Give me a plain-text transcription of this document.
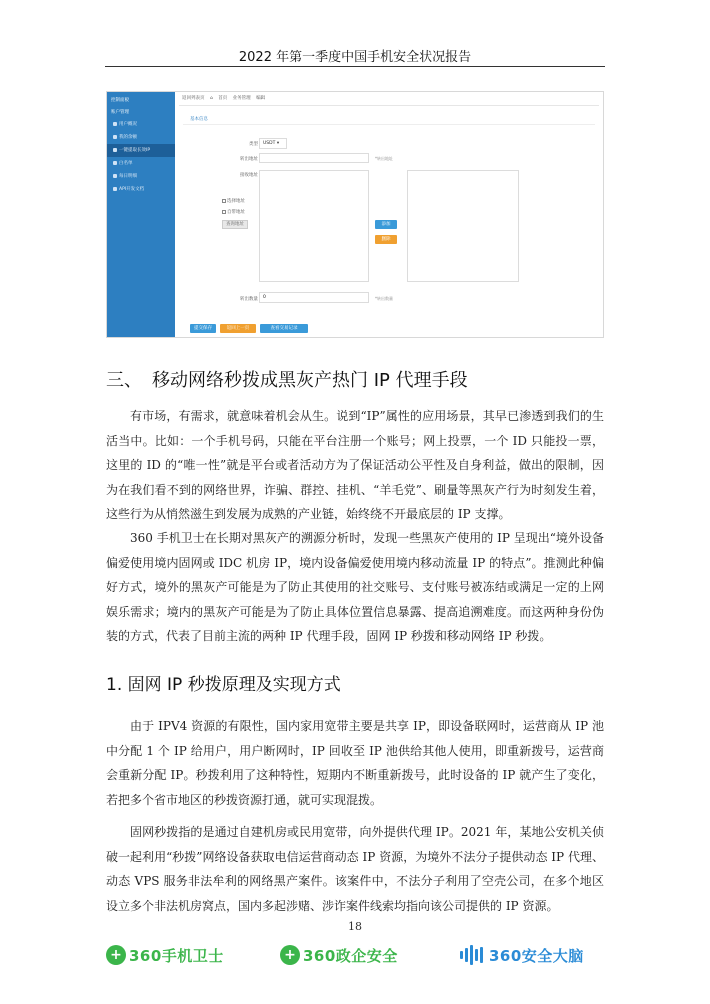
2022 年第一季度中国手机安全状况报告
控制面板
账户管理
用户概况
我的余额
一键提取长效IP
白名单
每日明细
API开发文档
返回列表页 ⌂ 首页 业务管理 编辑
基本信息
类型	USDT ▾
转出地址	*转出地址
接收地址
选择地址
自带地址
查询地址	添加
删除
转出数量	0	*转出数量
提交保存	返回上一页	查看交易记录
三、 移动网络秒拨成黑灰产热门 IP 代理手段

有市场，有需求，就意味着机会从生。说到“IP”属性的应用场景，其早已渗透到我们的生活当中。比如：一个手机号码，只能在平台注册一个账号；网上投票，一个 ID 只能投一票，这里的 ID 的“唯一性”就是平台或者活动方为了保证活动公平性及自身利益，做出的限制，因为在我们看不到的网络世界，诈骗、群控、挂机、“羊毛党”、刷量等黑灰产行为时刻发生着，这些行为从悄然滋生到发展为成熟的产业链，始终绕不开最底层的 IP 支撑。

360 手机卫士在长期对黑灰产的溯源分析时，发现一些黑灰产使用的 IP 呈现出“境外设备偏爱使用境内固网或 IDC 机房 IP，境内设备偏爱使用境内移动流量 IP 的特点”。推测此种偏好方式，境外的黑灰产可能是为了防止其使用的社交账号、支付账号被冻结或满足一定的上网娱乐需求；境内的黑灰产可能是为了防止具体位置信息暴露、提高追溯难度。而这两种身份伪装的方式，代表了目前主流的两种 IP 代理手段，固网 IP 秒拨和移动网络 IP 秒拨。

1. 固网 IP 秒拨原理及实现方式

由于 IPV4 资源的有限性，国内家用宽带主要是共享 IP，即设备联网时，运营商从 IP 池中分配 1 个 IP 给用户，用户断网时，IP 回收至 IP 池供给其他人使用，即重新拨号，运营商会重新分配 IP。秒拨利用了这种特性，短期内不断重新拨号，此时设备的 IP 就产生了变化，若把多个省市地区的秒拨资源打通，就可实现混拨。

固网秒拨指的是通过自建机房或民用宽带，向外提供代理 IP。2021 年，某地公安机关侦破一起利用“秒拨”网络设备获取电信运营商动态 IP 资源，为境外不法分子提供动态 IP 代理、动态 VPS 服务非法牟利的网络黑产案件。该案件中，不法分子利用了空壳公司，在多个地区设立多个非法机房窝点，国内多起涉赌、涉诈案件线索均指向该公司提供的 IP 资源。

18
+ 360手机卫士	+ 360政企安全	360安全大脑
